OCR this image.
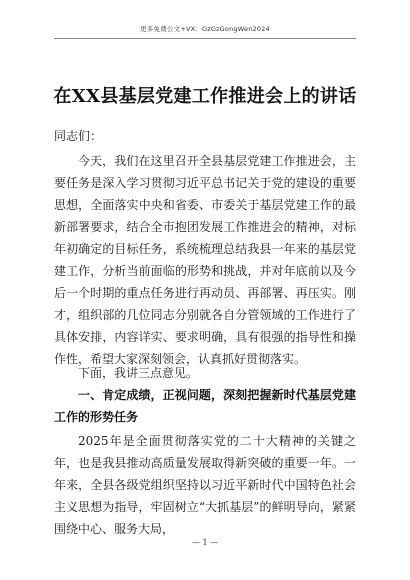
更多免费公文+VX：GzGzGongWen2024
在XX县基层党建工作推进会上的讲话
同志们：
今天，我们在这里召开全县基层党建工作推进会，主要任务是深入学习贯彻习近平总书记关于党的建设的重要思想，全面落实中央和省委、市委关于基层党建工作的最新部署要求，结合全市抱团发展工作推进会的精神，对标年初确定的目标任务，系统梳理总结我县一年来的基层党建工作，分析当前面临的形势和挑战，并对年底前以及今后一个时期的重点任务进行再动员、再部署、再压实。刚才，组织部的几位同志分别就各自分管领域的工作进行了具体安排，内容详实、要求明确，具有很强的指导性和操作性，希望大家深刻领会，认真抓好贯彻落实。
下面，我讲三点意见。
一、肯定成绩，正视问题，深刻把握新时代基层党建工作的形势任务
2025年是全面贯彻落实党的二十大精神的关键之年，也是我县推动高质量发展取得新突破的重要一年。一年来，全县各级党组织坚持以习近平新时代中国特色社会主义思想为指导，牢固树立“大抓基层”的鲜明导向，紧紧围绕中心、服务大局，
— 1 —
